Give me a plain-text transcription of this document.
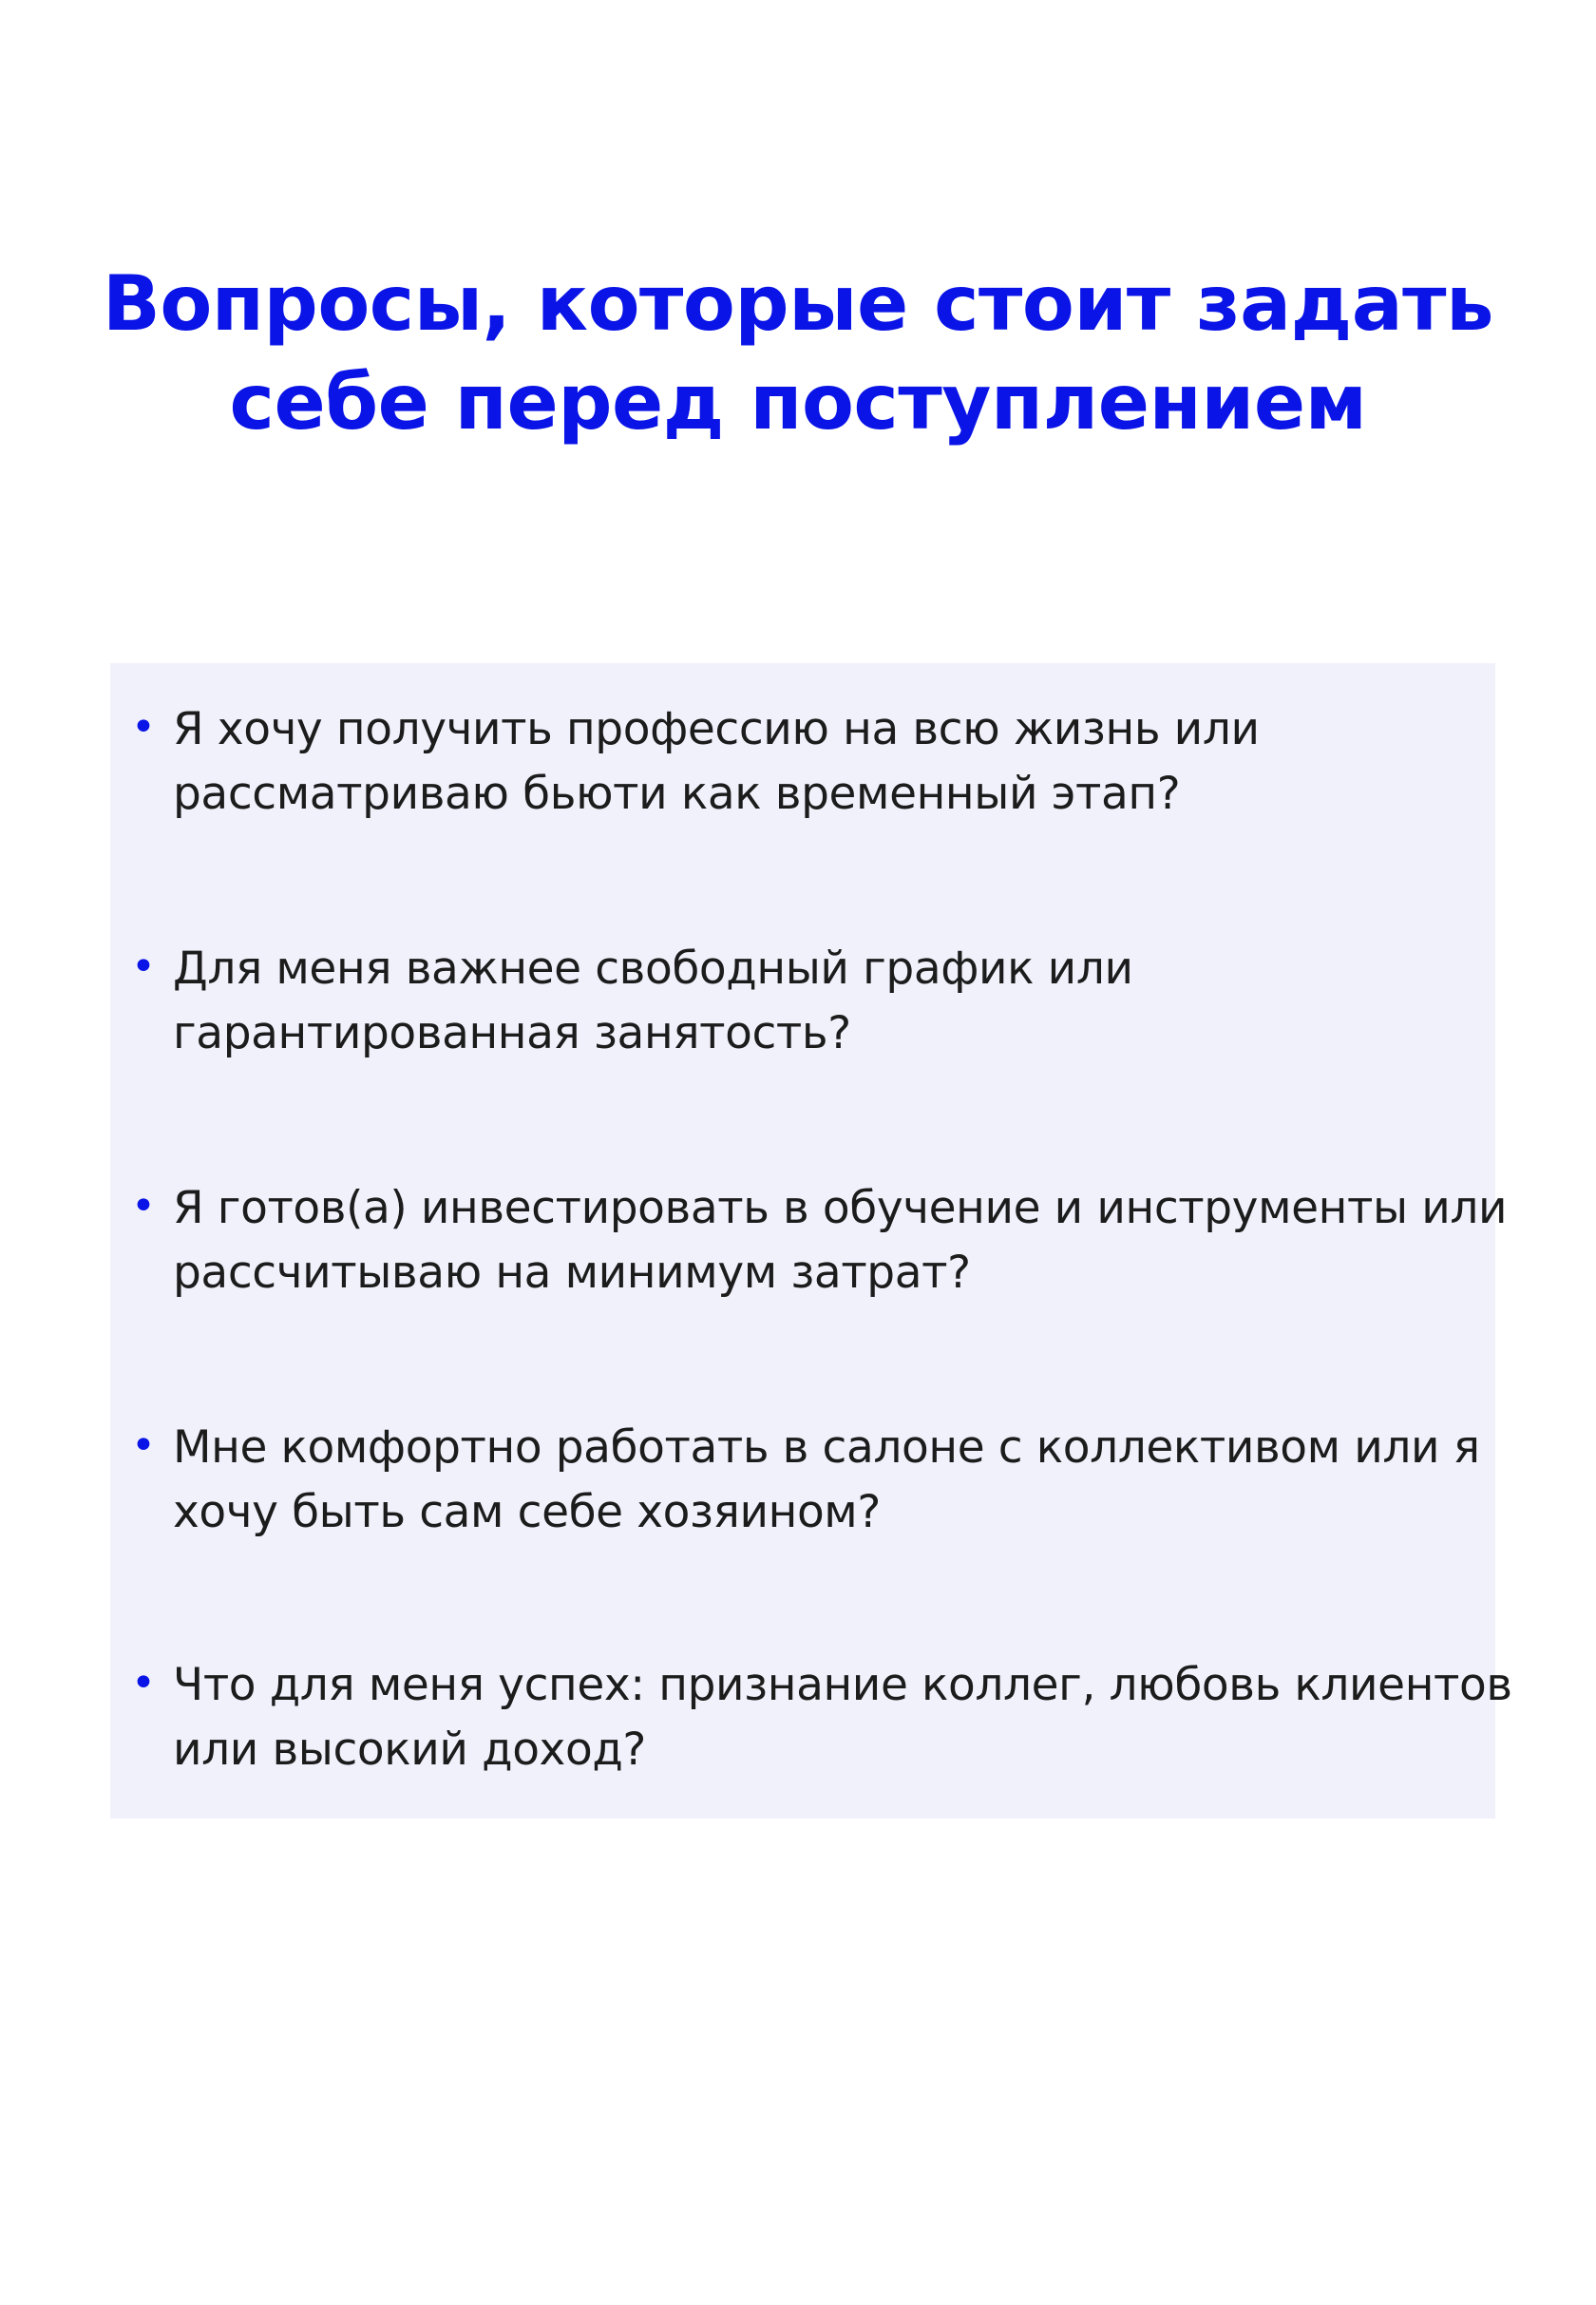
Вопросы, которые стоит задать
себе перед поступлением
• Я хочу получить профессию на всю жизнь или
рассматриваю бьюти как временный этап?
• Для меня важнее свободный график или
гарантированная занятость?
• Я готов(а) инвестировать в обучение и инструменты или
рассчитываю на минимум затрат?
• Мне комфортно работать в салоне с коллективом или я
хочу быть сам себе хозяином?
• Что для меня успех: признание коллег, любовь клиентов
или высокий доход?
